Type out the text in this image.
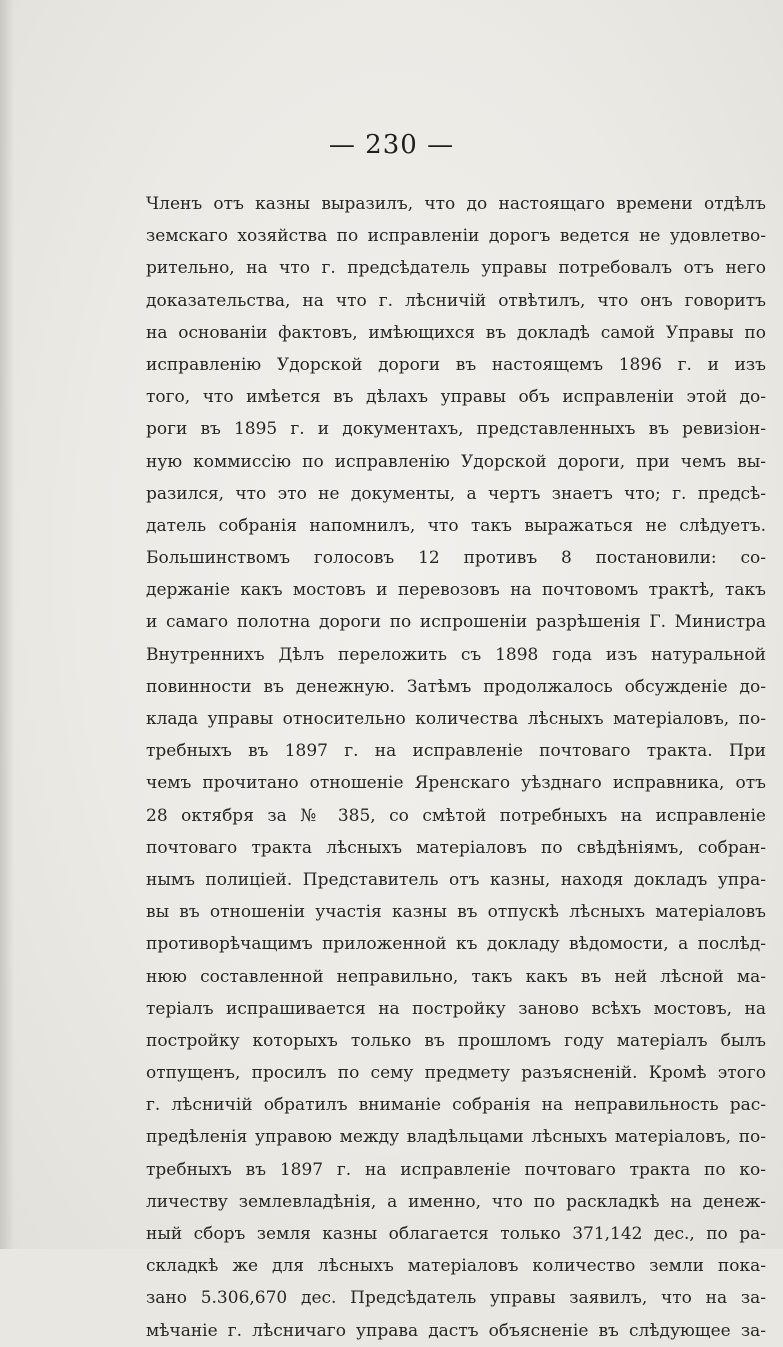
— 230 —
Членъ отъ казны выразилъ, что до настоящаго времени отдѣлъ
земскаго хозяйства по исправленіи дорогъ ведется не удовлетво-
рительно, на что г. предсѣдатель управы потребовалъ отъ него
доказательства, на что г. лѣсничій отвѣтилъ, что онъ говоритъ
на основаніи фактовъ, имѣющихся въ докладѣ самой Управы по
исправленію Удорской дороги въ настоящемъ 1896 г. и изъ
того, что имѣется въ дѣлахъ управы объ исправленіи этой до-
роги въ 1895 г. и документахъ, представленныхъ въ ревизіон-
ную коммиссію по исправленію Удорской дороги, при чемъ вы-
разился, что это не документы, а чертъ знаетъ что; г. предсѣ-
датель собранія напомнилъ, что такъ выражаться не слѣдуетъ.
Большинствомъ голосовъ 12 противъ 8 постановили: со-
держаніе какъ мостовъ и перевозовъ на почтовомъ трактѣ, такъ
и самаго полотна дороги по испрошеніи разрѣшенія Г. Министра
Внутреннихъ Дѣлъ переложить съ 1898 года изъ натуральной
повинности въ денежную. Затѣмъ продолжалось обсужденіе до-
клада управы относительно количества лѣсныхъ матеріаловъ, по-
требныхъ въ 1897 г. на исправленіе почтоваго тракта. При
чемъ прочитано отношеніе Яренскаго уѣзднаго исправника, отъ
28 октября за № 385, со смѣтой потребныхъ на исправленіе
почтоваго тракта лѣсныхъ матеріаловъ по свѣдѣніямъ, собран-
нымъ полиціей. Представитель отъ казны, находя докладъ упра-
вы въ отношеніи участія казны въ отпускѣ лѣсныхъ матеріаловъ
противорѣчащимъ приложенной къ докладу вѣдомости, а послѣд-
нюю составленной неправильно, такъ какъ въ ней лѣсной ма-
теріалъ испрашивается на постройку заново всѣхъ мостовъ, на
постройку которыхъ только въ прошломъ году матеріалъ былъ
отпущенъ, просилъ по сему предмету разъясненій. Кромѣ этого
г. лѣсничій обратилъ вниманіе собранія на неправильность рас-
предѣленія управою между владѣльцами лѣсныхъ матеріаловъ, по-
требныхъ въ 1897 г. на исправленіе почтоваго тракта по ко-
личеству землевладѣнія, а именно, что по раскладкѣ на денеж-
ный сборъ земля казны облагается только 371,142 дес., по ра-
складкѣ же для лѣсныхъ матеріаловъ количество земли пока-
зано 5.306,670 дес. Предсѣдатель управы заявилъ, что на за-
мѣчаніе г. лѣсничаго управа дастъ объясненіе въ слѣдующее за-
